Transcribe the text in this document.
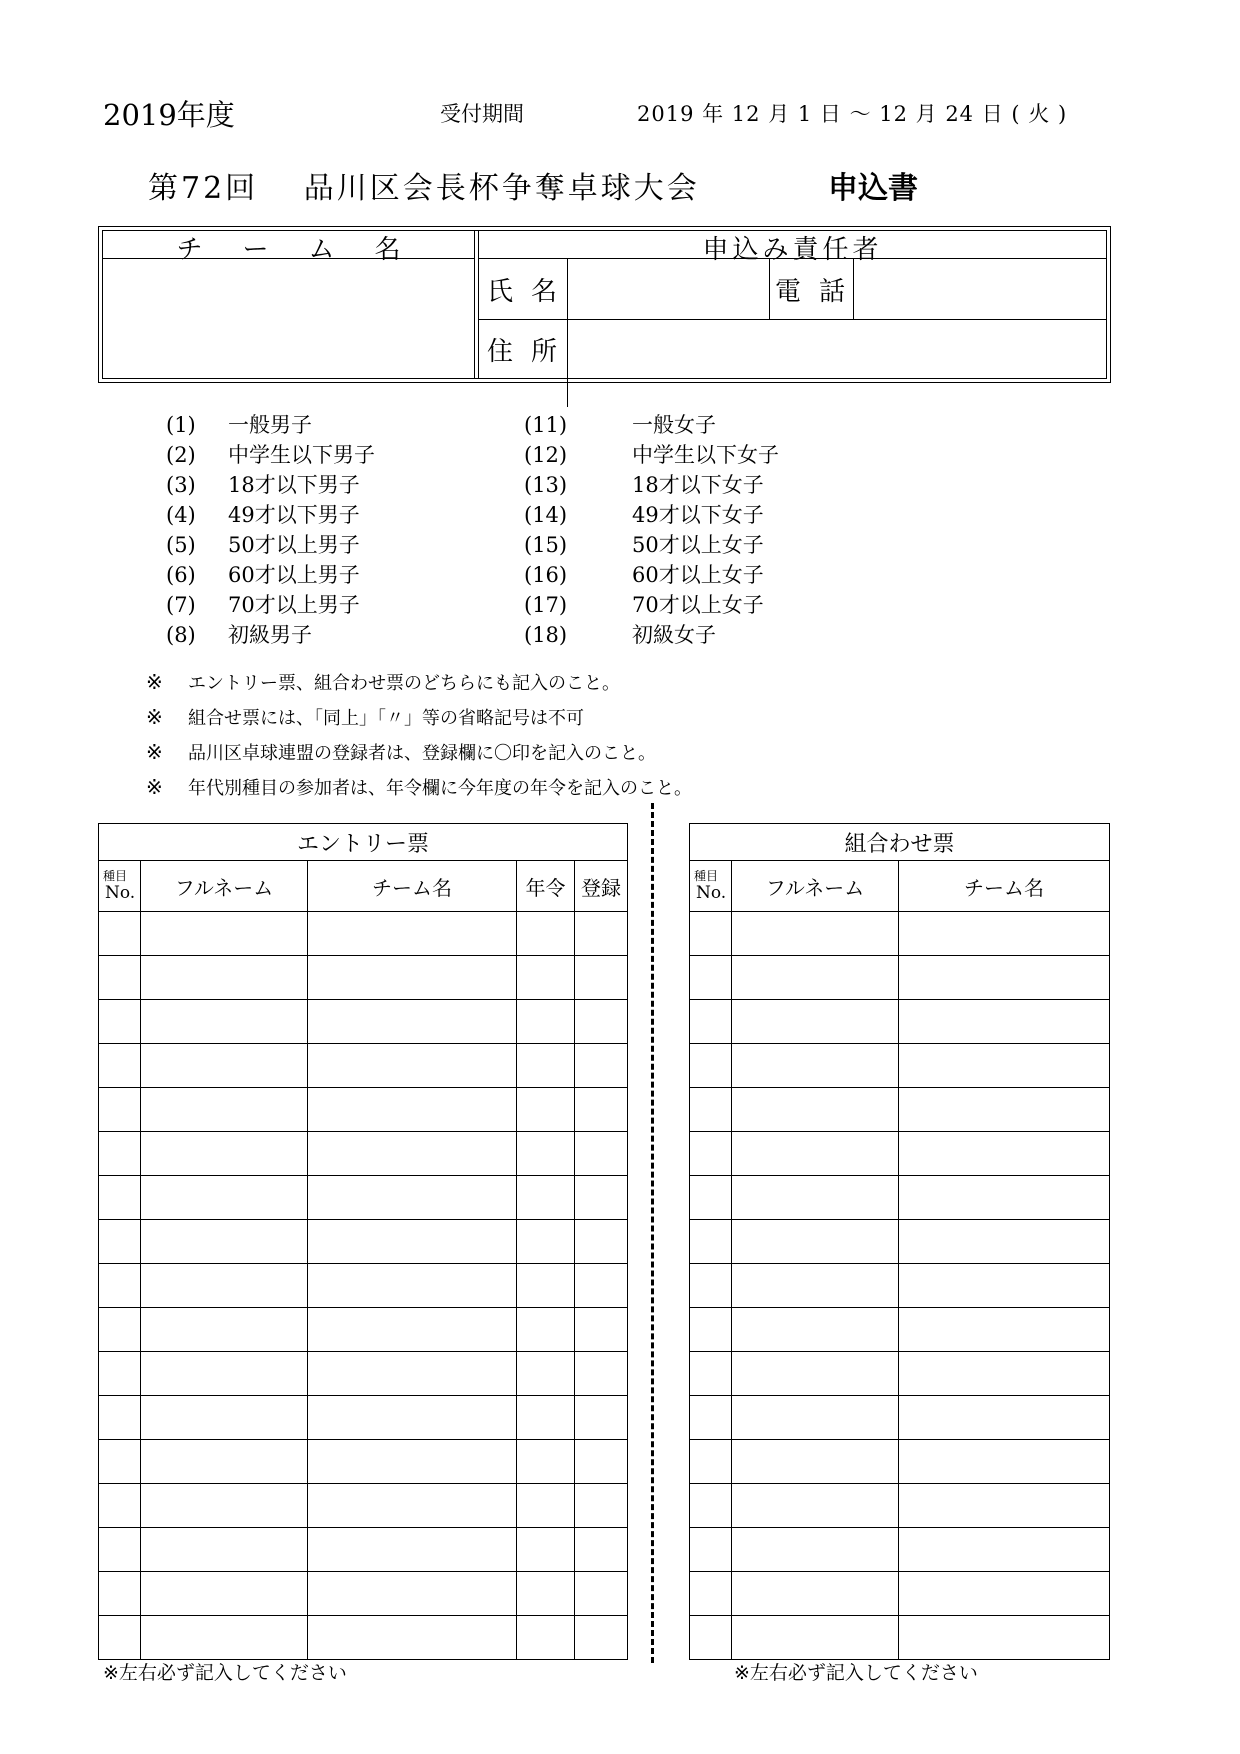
2019年度	受付期間	2019 年 12 月 1 日 ～ 12 月 24 日 ( 火 )
第72回　 品川区会長杯争奪卓球大会	申込書
チーム名	申込み責任者
氏名	電話
住所
(1) 一般男子
(2) 中学生以下男子
(3) 18才以下男子
(4) 49才以下男子
(5) 50才以上男子
(6) 60才以上男子
(7) 70才以上男子
(8) 初級男子
(11)	一般女子
(12)	中学生以下女子
(13)	18才以下女子
(14)	49才以下女子
(15)	50才以上女子
(16)	60才以上女子
(17)	70才以上女子
(18)	初級女子
※ エントリー票、組合わせ票のどちらにも記入のこと。
※ 組合せ票には、「同上」「〃」等の省略記号は不可
※ 品川区卓球連盟の登録者は、登録欄に〇印を記入のこと。
※ 年代別種目の参加者は、年令欄に今年度の年令を記入のこと。
エントリー票				

種目
No.	フルネーム	チーム名	年令	登録

組合わせ票		

種目
No.	フルネーム	チーム名

※左右必ず記入してください	※左右必ず記入してください
